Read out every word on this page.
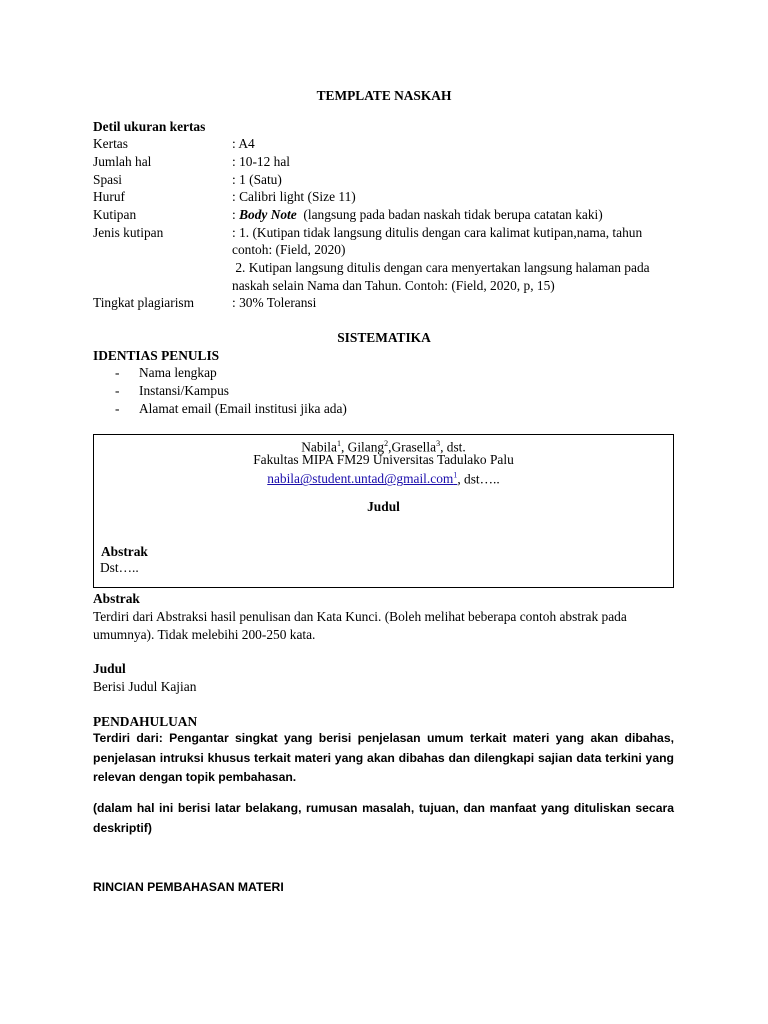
TEMPLATE NASKAH
Detil ukuran kertas
Kertas	: A4
Jumlah hal	: 10-12 hal
Spasi	: 1 (Satu)
Huruf	: Calibri light (Size 11)
Kutipan	: Body Note  (langsung pada badan naskah tidak berupa catatan kaki)
Jenis kutipan	: 1. (Kutipan tidak langsung ditulis dengan cara kalimat kutipan,nama, tahun
contoh: (Field, 2020)
2. Kutipan langsung ditulis dengan cara menyertakan langsung halaman pada
naskah selain Nama dan Tahun. Contoh: (Field, 2020, p, 15)
Tingkat plagiarism	: 30% Toleransi
SISTEMATIKA
IDENTIAS PENULIS
- Nama lengkap
- Instansi/Kampus
- Alamat email (Email institusi jika ada)
Nabila$^1$, Gilang$^2$,Grasella$^3$, dst.
Fakultas MIPA FM29 Universitas Tadulako Palu
nabila@student.untad@gmail.com$^1$, dst…..
Judul
Abstrak
Dst…..
Abstrak
Terdiri dari Abstraksi hasil penulisan dan Kata Kunci. (Boleh melihat beberapa contoh abstrak pada
umumnya). Tidak melebihi 200-250 kata.
Judul
Berisi Judul Kajian
PENDAHULUAN
Terdiri dari: Pengantar singkat yang berisi penjelasan umum terkait materi yang akan dibahas,
penjelasan intruksi khusus terkait materi yang akan dibahas dan dilengkapi sajian data terkini yang
relevan dengan topik pembahasan.
(dalam hal ini berisi latar belakang, rumusan masalah, tujuan, dan manfaat yang dituliskan secara
deskriptif)
RINCIAN PEMBAHASAN MATERI
